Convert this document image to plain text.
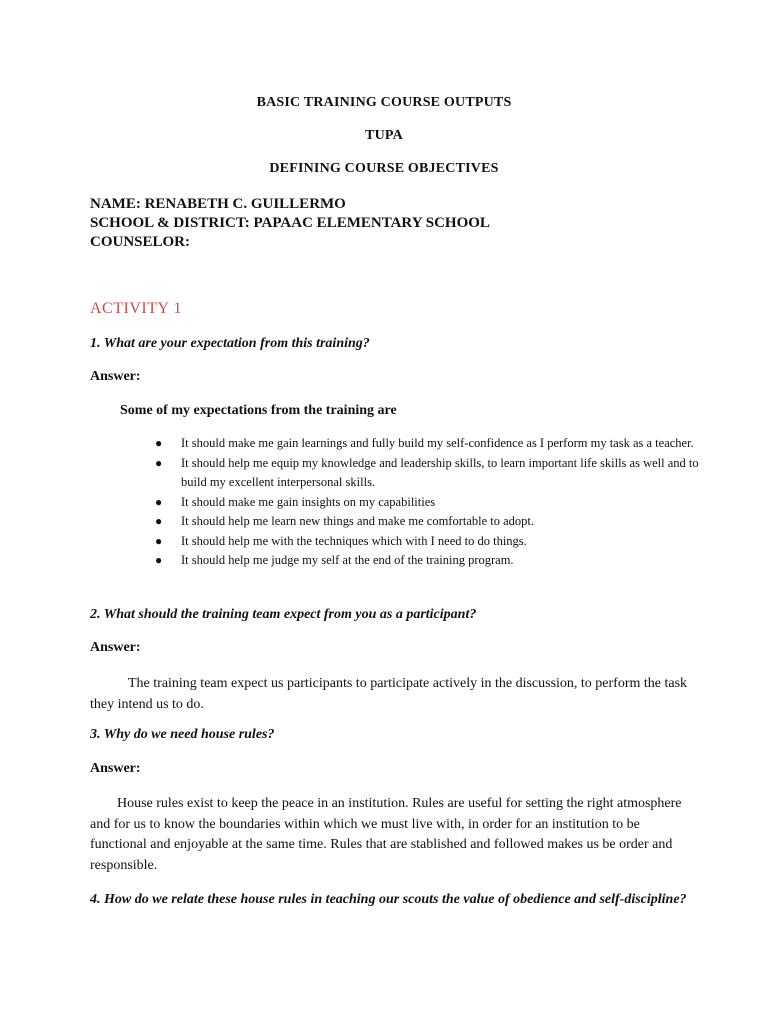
BASIC TRAINING COURSE OUTPUTS
TUPA
DEFINING COURSE OBJECTIVES
NAME: RENABETH C. GUILLERMO
SCHOOL & DISTRICT: PAPAAC ELEMENTARY SCHOOL
COUNSELOR:
ACTIVITY 1
1. What are your expectation from this training?
Answer:
Some of my expectations from the training are
● It should make me gain learnings and fully build my self-confidence as I perform my task as a teacher.
● It should help me equip my knowledge and leadership skills, to learn important life skills as well and to build my excellent interpersonal skills.
● It should make me gain insights on my capabilities
● It should help me learn new things and make me comfortable to adopt.
● It should help me with the techniques which with I need to do things.
● It should help me judge my self at the end of the training program.
2. What should the training team expect from you as a participant?
Answer:
The training team expect us participants to participate actively in the discussion, to perform the task they intend us to do.
3. Why do we need house rules?
Answer:
House rules exist to keep the peace in an institution. Rules are useful for setting the right atmosphere and for us to know the boundaries within which we must live with, in order for an institution to be functional and enjoyable at the same time. Rules that are stablished and followed makes us be order and responsible.
4. How do we relate these house rules in teaching our scouts the value of obedience and self-discipline?
